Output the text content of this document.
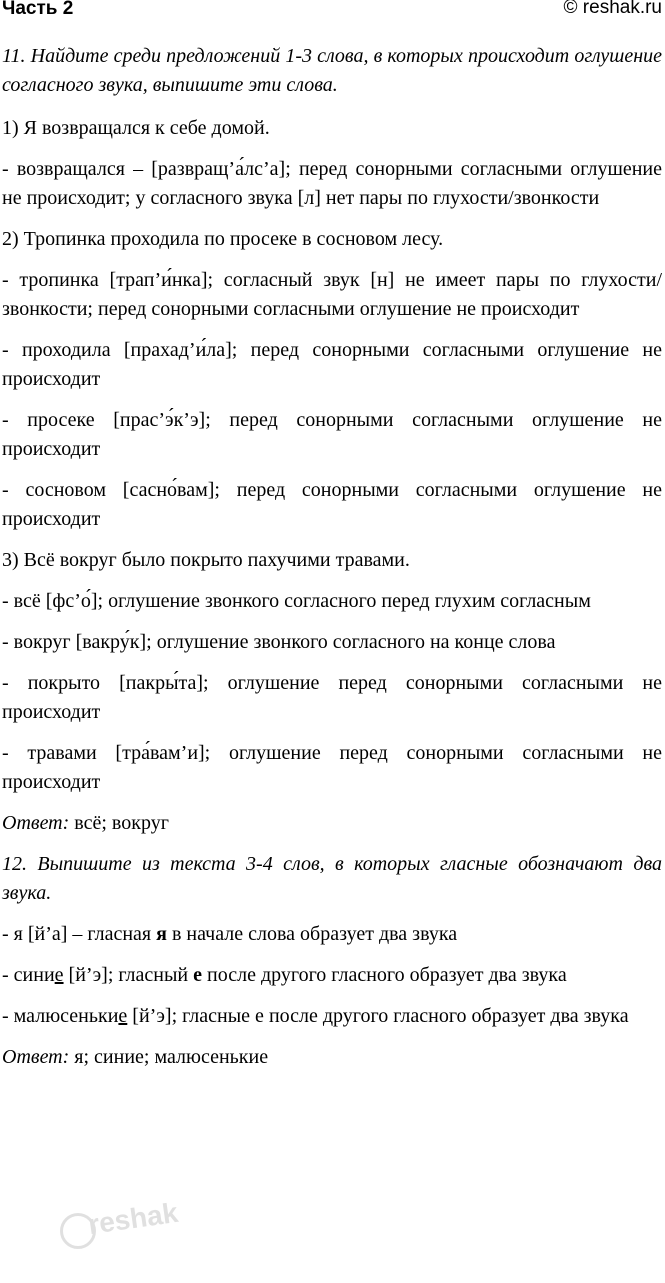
Часть 2	© reshak.ru

11. Найдите среди предложений 1-3 слова, в которых происходит оглушение согласного звука, выпишите эти слова.

1) Я возвращался к себе домой.

- возвращался – [развращ’а́лс’а]; перед сонорными согласными оглушение не происходит; у согласного звука [л] нет пары по глухости/звонкости

2) Тропинка проходила по просеке в сосновом лесу.

- тропинка [трап’и́нка]; согласный звук [н] не имеет пары по глухости/звонкости; перед сонорными согласными оглушение не происходит

- проходила [прахад’и́ла]; перед сонорными согласными оглушение не происходит

- просеке [прас’э́к’э]; перед сонорными согласными оглушение не происходит

- сосновом [сасно́вам]; перед сонорными согласными оглушение не происходит

3) Всё вокруг было покрыто пахучими травами.

- всё [фс’о́]; оглушение звонкого согласного перед глухим согласным

- вокруг [вакру́к]; оглушение звонкого согласного на конце слова

- покрыто [пакры́та]; оглушение перед сонорными согласными не происходит

- травами [тра́вам’и]; оглушение перед сонорными согласными не происходит

Ответ: всё; вокруг

12. Выпишите из текста 3-4 слов, в которых гласные обозначают два звука.

- я [й’а] – гласная я в начале слова образует два звука

- синие [й’э]; гласный е после другого гласного образует два звука

- малюсенькие [й’э]; гласные е после другого гласного образует два звука

Ответ: я; синие; малюсенькие

reshak
